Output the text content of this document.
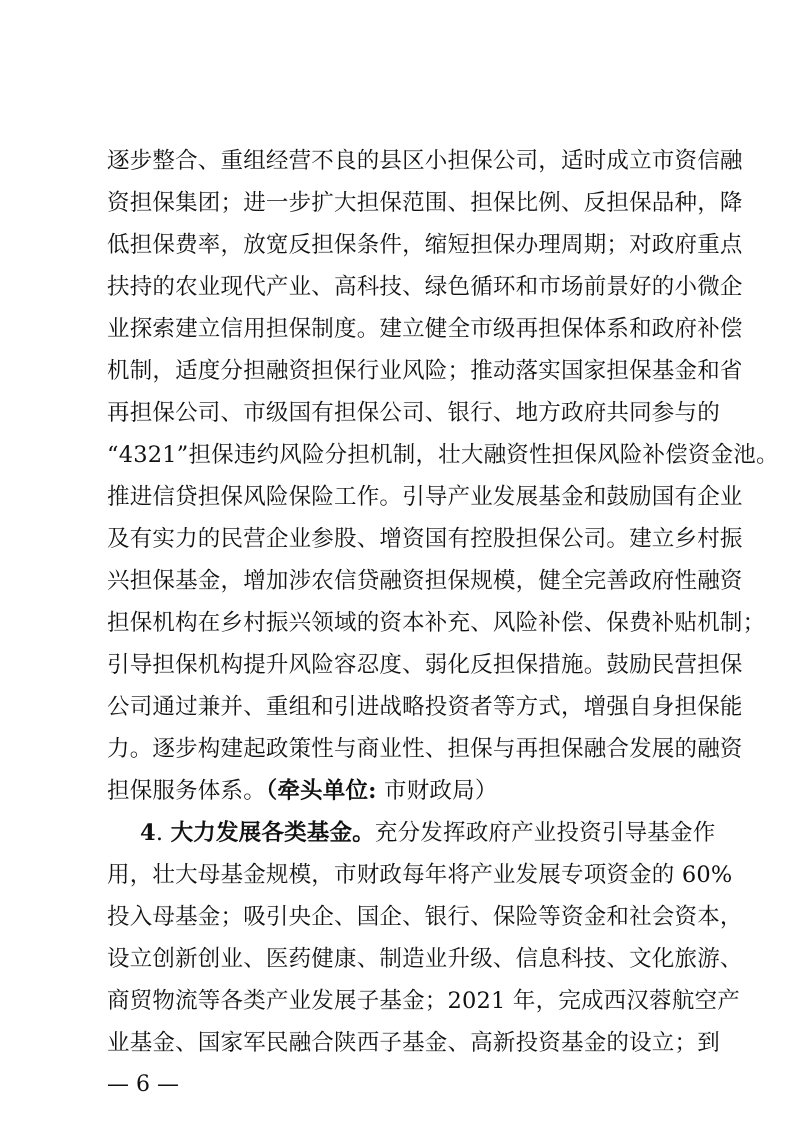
逐步整合、重组经营不良的县区小担保公司，适时成立市资信融
资担保集团；进一步扩大担保范围、担保比例、反担保品种，降
低担保费率，放宽反担保条件，缩短担保办理周期；对政府重点
扶持的农业现代产业、高科技、绿色循环和市场前景好的小微企
业探索建立信用担保制度。建立健全市级再担保体系和政府补偿
机制，适度分担融资担保行业风险；推动落实国家担保基金和省
再担保公司、市级国有担保公司、银行、地方政府共同参与的
“4321”担保违约风险分担机制，壮大融资性担保风险补偿资金池。
推进信贷担保风险保险工作。引导产业发展基金和鼓励国有企业
及有实力的民营企业参股、增资国有控股担保公司。建立乡村振
兴担保基金，增加涉农信贷融资担保规模，健全完善政府性融资
担保机构在乡村振兴领域的资本补充、风险补偿、保费补贴机制；
引导担保机构提升风险容忍度、弱化反担保措施。鼓励民营担保
公司通过兼并、重组和引进战略投资者等方式，增强自身担保能
力。逐步构建起政策性与商业性、担保与再担保融合发展的融资
担保服务体系。（牵头单位: 市财政局）
4. 大力发展各类基金。充分发挥政府产业投资引导基金作
用，壮大母基金规模，市财政每年将产业发展专项资金的 60%
投入母基金；吸引央企、国企、银行、保险等资金和社会资本，
设立创新创业、医药健康、制造业升级、信息科技、文化旅游、
商贸物流等各类产业发展子基金；2021 年，完成西汉蓉航空产
业基金、国家军民融合陕西子基金、高新投资基金的设立；到
— 6 —
